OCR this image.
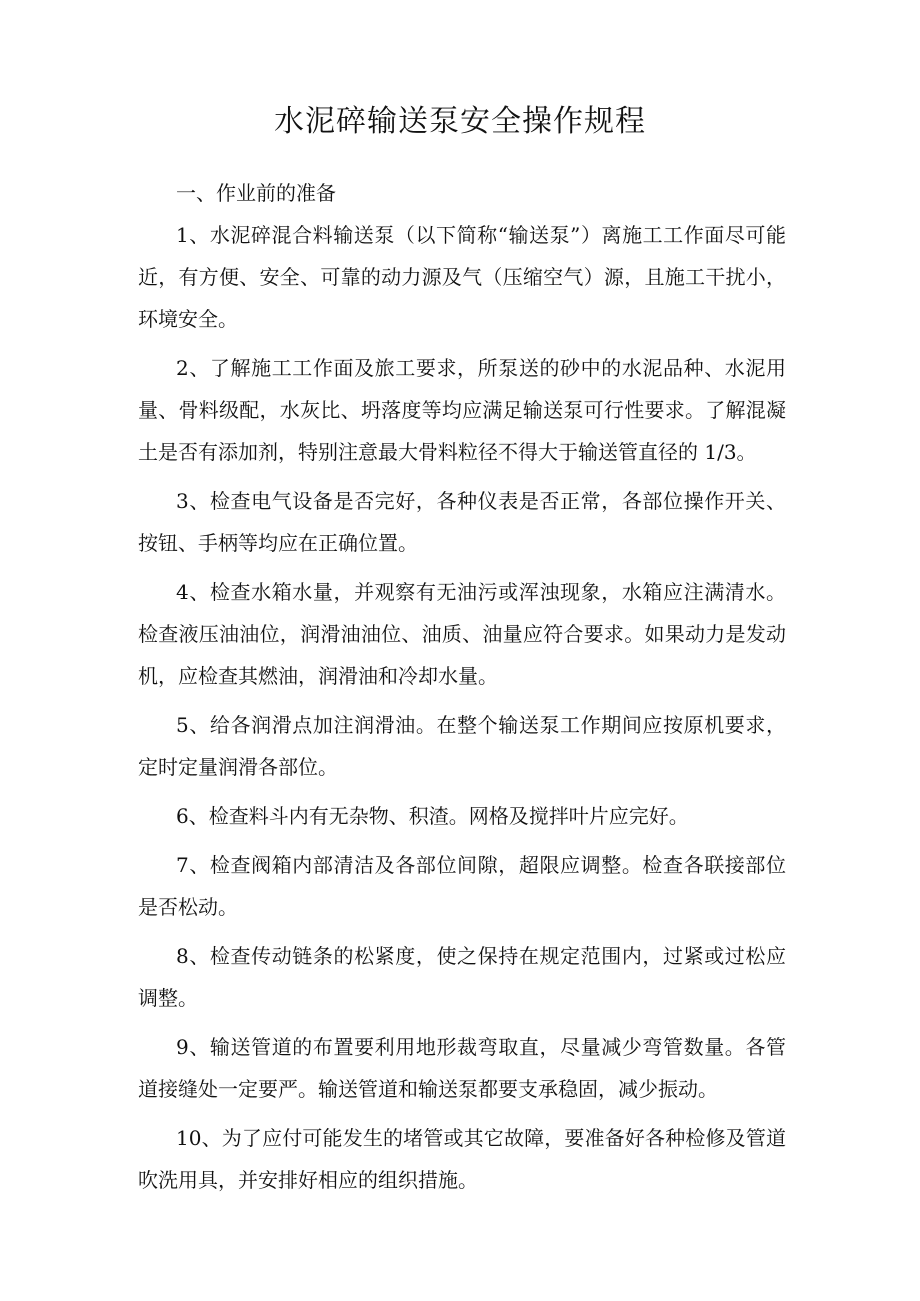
水泥碎输送泵安全操作规程

一、作业前的准备

1、水泥碎混合料输送泵（以下简称“输送泵”）离施工工作面尽可能近，有方便、安全、可靠的动力源及气（压缩空气）源，且施工干扰小，环境安全。

2、了解施工工作面及旅工要求，所泵送的砂中的水泥品种、水泥用量、骨料级配，水灰比、坍落度等均应满足输送泵可行性要求。了解混凝土是否有添加剂，特别注意最大骨料粒径不得大于输送管直径的 1/3。

3、检查电气设备是否完好，各种仪表是否正常，各部位操作开关、按钮、手柄等均应在正确位置。

4、检查水箱水量，并观察有无油污或浑浊现象，水箱应注满清水。检查液压油油位，润滑油油位、油质、油量应符合要求。如果动力是发动机，应检查其燃油，润滑油和冷却水量。

5、给各润滑点加注润滑油。在整个输送泵工作期间应按原机要求，定时定量润滑各部位。

6、检查料斗内有无杂物、积渣。网格及搅拌叶片应完好。

7、检查阀箱内部清洁及各部位间隙，超限应调整。检查各联接部位是否松动。

8、检查传动链条的松紧度，使之保持在规定范围内，过紧或过松应调整。

9、输送管道的布置要利用地形裁弯取直，尽量减少弯管数量。各管道接缝处一定要严。输送管道和输送泵都要支承稳固，减少振动。

10、为了应付可能发生的堵管或其它故障，要准备好各种检修及管道吹洗用具，并安排好相应的组织措施。
